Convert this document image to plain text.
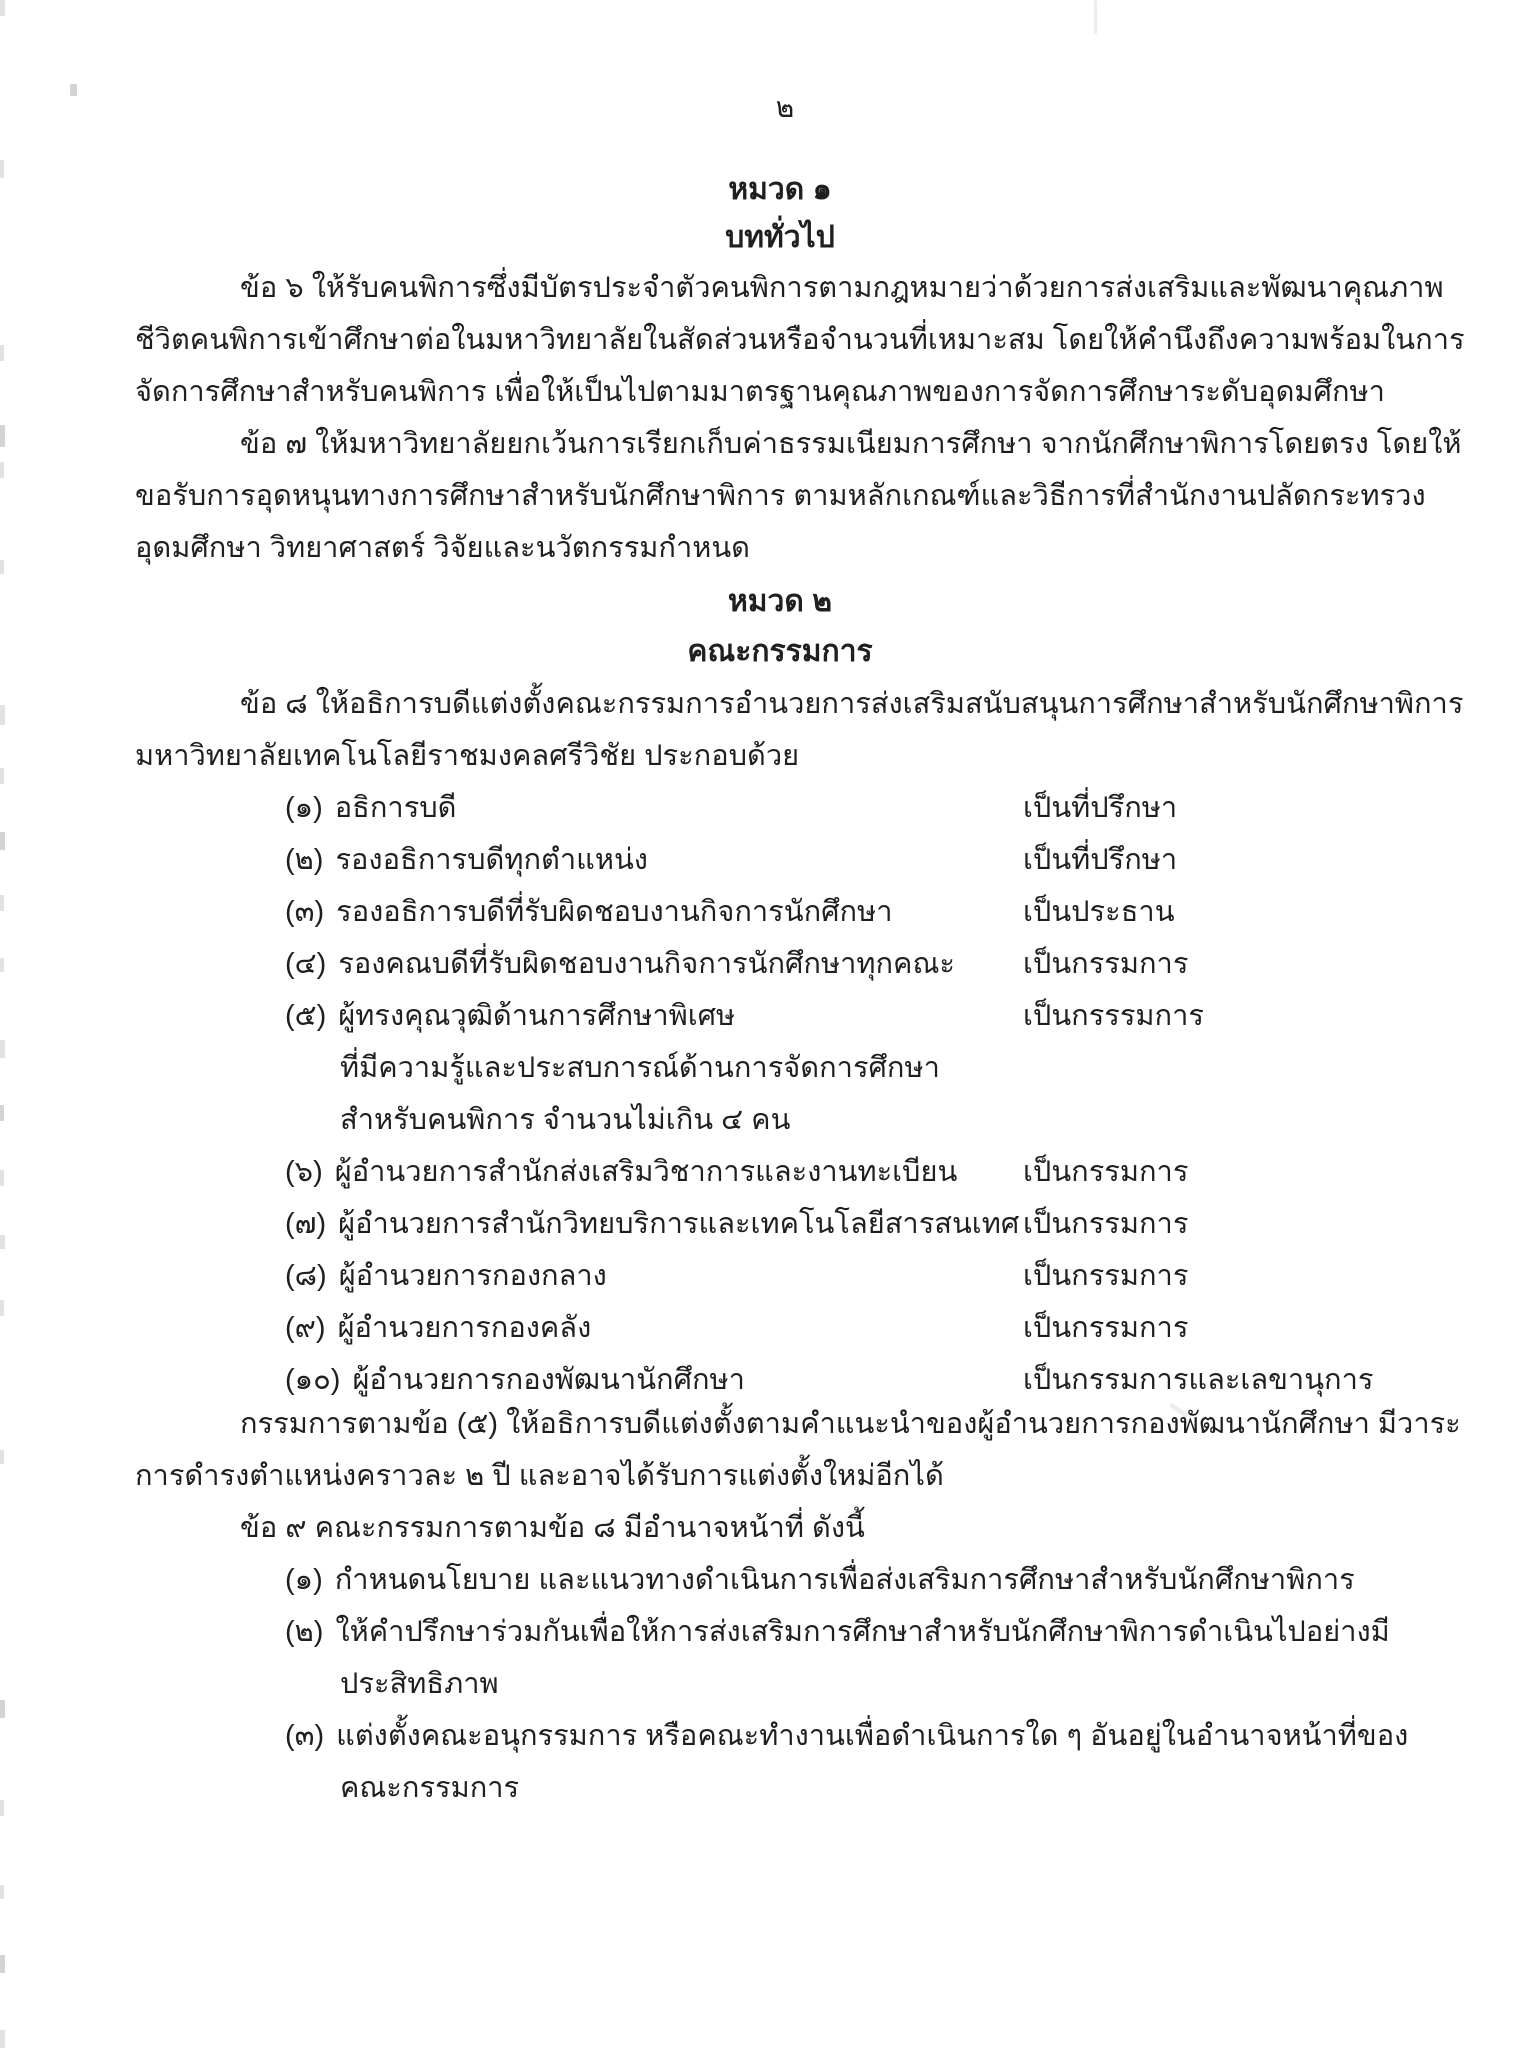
๒
หมวด ๑
บททั่วไป
ข้อ ๖ ให้รับคนพิการซึ่งมีบัตรประจำตัวคนพิการตามกฎหมายว่าด้วยการส่งเสริมและพัฒนาคุณภาพ
ชีวิตคนพิการเข้าศึกษาต่อในมหาวิทยาลัยในสัดส่วนหรือจำนวนที่เหมาะสม โดยให้คำนึงถึงความพร้อมในการ
จัดการศึกษาสำหรับคนพิการ เพื่อให้เป็นไปตามมาตรฐานคุณภาพของการจัดการศึกษาระดับอุดมศึกษา
ข้อ ๗ ให้มหาวิทยาลัยยกเว้นการเรียกเก็บค่าธรรมเนียมการศึกษา จากนักศึกษาพิการโดยตรง โดยให้
ขอรับการอุดหนุนทางการศึกษาสำหรับนักศึกษาพิการ ตามหลักเกณฑ์และวิธีการที่สำนักงานปลัดกระทรวง
อุดมศึกษา วิทยาศาสตร์ วิจัยและนวัตกรรมกำหนด
หมวด ๒
คณะกรรมการ
ข้อ ๘ ให้อธิการบดีแต่งตั้งคณะกรรมการอำนวยการส่งเสริมสนับสนุนการศึกษาสำหรับนักศึกษาพิการ
มหาวิทยาลัยเทคโนโลยีราชมงคลศรีวิชัย ประกอบด้วย
(๑) อธิการบดี	เป็นที่ปรึกษา
(๒) รองอธิการบดีทุกตำแหน่ง	เป็นที่ปรึกษา
(๓) รองอธิการบดีที่รับผิดชอบงานกิจการนักศึกษา	เป็นประธาน
(๔) รองคณบดีที่รับผิดชอบงานกิจการนักศึกษาทุกคณะ เป็นกรรมการ
(๕) ผู้ทรงคุณวุฒิด้านการศึกษาพิเศษ	เป็นกรรรมการ
ที่มีความรู้และประสบการณ์ด้านการจัดการศึกษา
สำหรับคนพิการ จำนวนไม่เกิน ๔ คน
(๖) ผู้อำนวยการสำนักส่งเสริมวิชาการและงานทะเบียน เป็นกรรมการ
(๗) ผู้อำนวยการสำนักวิทยบริการและเทคโนโลยีสารสนเทศ เป็นกรรมการ
(๘) ผู้อำนวยการกองกลาง	เป็นกรรมการ
(๙) ผู้อำนวยการกองคลัง	เป็นกรรมการ
(๑๐) ผู้อำนวยการกองพัฒนานักศึกษา	เป็นกรรมการและเลขานุการ
กรรมการตามข้อ (๕) ให้อธิการบดีแต่งตั้งตามคำแนะนำของผู้อำนวยการกองพัฒนานักศึกษา มีวาระ
การดำรงตำแหน่งคราวละ ๒ ปี และอาจได้รับการแต่งตั้งใหม่อีกได้
ข้อ ๙ คณะกรรมการตามข้อ ๘ มีอำนาจหน้าที่ ดังนี้
(๑) กำหนดนโยบาย และแนวทางดำเนินการเพื่อส่งเสริมการศึกษาสำหรับนักศึกษาพิการ
(๒) ให้คำปรึกษาร่วมกันเพื่อให้การส่งเสริมการศึกษาสำหรับนักศึกษาพิการดำเนินไปอย่างมี
ประสิทธิภาพ
(๓) แต่งตั้งคณะอนุกรรมการ หรือคณะทำงานเพื่อดำเนินการใด ๆ อันอยู่ในอำนาจหน้าที่ของ
คณะกรรมการ
